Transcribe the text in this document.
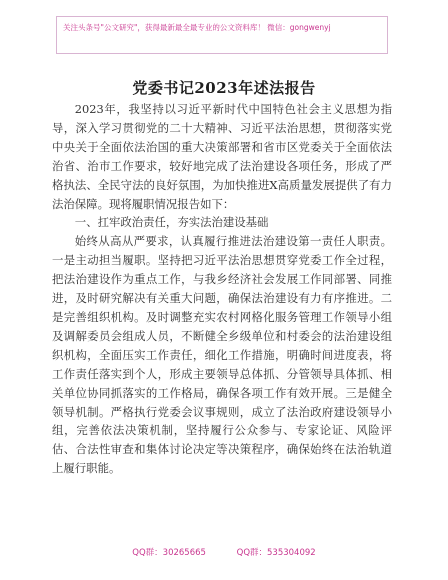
关注头条号"公文研究"，获得最新最全最专业的公文资料库！ 微信：gongwenyj
党委书记2023年述法报告

2023年，我坚持以习近平新时代中国特色社会主义思想为指导，深入学习贯彻党的二十大精神、习近平法治思想，贯彻落实党中央关于全面依法治国的重大决策部署和省市区党委关于全面依法治省、治市工作要求，较好地完成了法治建设各项任务，形成了严格执法、全民守法的良好氛围，为加快推进X高质量发展提供了有力法治保障。现将履职情况报告如下：

一、扛牢政治责任，夯实法治建设基础

始终从高从严要求，认真履行推进法治建设第一责任人职责。一是主动担当履职。坚持把习近平法治思想贯穿党委工作全过程，把法治建设作为重点工作，与我乡经济社会发展工作同部署、同推进，及时研究解决有关重大问题，确保法治建设有力有序推进。二是完善组织机构。及时调整充实农村网格化服务管理工作领导小组及调解委员会组成人员，不断健全乡级单位和村委会的法治建设组织机构，全面压实工作责任，细化工作措施，明确时间进度表，将工作责任落实到个人，形成主要领导总体抓、分管领导具体抓、相关单位协同抓落实的工作格局，确保各项工作有效开展。三是健全领导机制。严格执行党委会议事规则，成立了法治政府建设领导小组，完善依法决策机制，坚持履行公众参与、专家论证、风险评估、合法性审查和集体讨论决定等决策程序，确保始终在法治轨道上履行职能。

QQ群：30265665	QQ群：535304092
